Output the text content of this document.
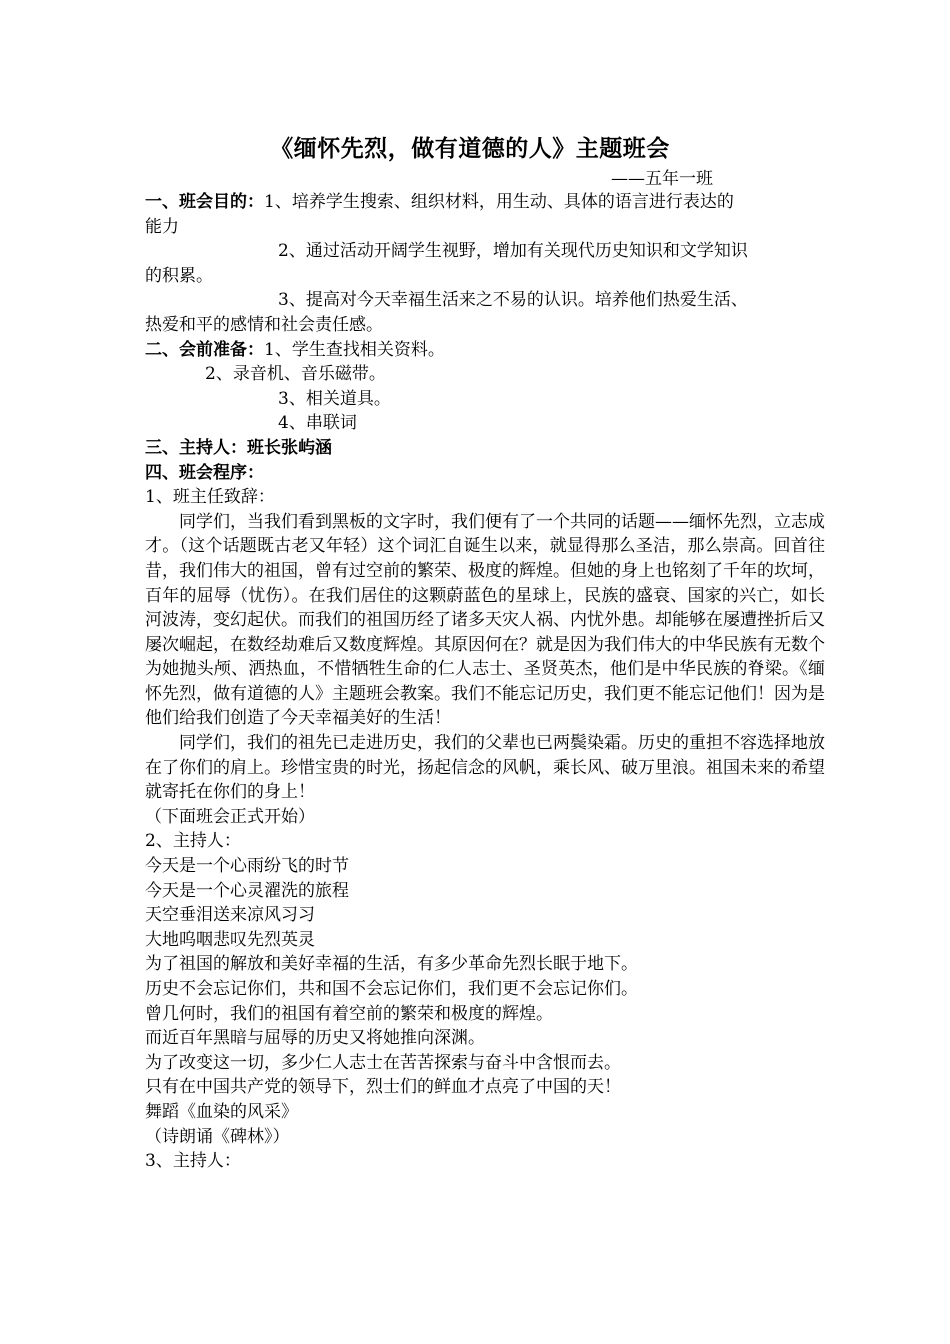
《缅怀先烈，做有道德的人》主题班会
——五年一班
一、班会目的：1、培养学生搜索、组织材料，用生动、具体的语言进行表达的
能力
2、通过活动开阔学生视野，增加有关现代历史知识和文学知识
的积累。
3、提高对今天幸福生活来之不易的认识。培养他们热爱生活、
热爱和平的感情和社会责任感。
二、会前准备：1、学生查找相关资料。
2、录音机、音乐磁带。
3、相关道具。
4、串联词
三、主持人：班长张屿涵
四、班会程序：
1、班主任致辞：
同学们，当我们看到黑板的文字时，我们便有了一个共同的话题——缅怀先烈，立志成才。（这个话题既古老又年轻）这个词汇自诞生以来，就显得那么圣洁，那么崇高。回首往昔，我们伟大的祖国，曾有过空前的繁荣、极度的辉煌。但她的身上也铭刻了千年的坎坷，百年的屈辱（忧伤）。在我们居住的这颗蔚蓝色的星球上，民族的盛衰、国家的兴亡，如长河波涛，变幻起伏。而我们的祖国历经了诸多天灾人祸、内忧外患。却能够在屡遭挫折后又屡次崛起，在数经劫难后又数度辉煌。其原因何在？就是因为我们伟大的中华民族有无数个为她抛头颅、洒热血，不惜牺牲生命的仁人志士、圣贤英杰，他们是中华民族的脊梁。《缅怀先烈，做有道德的人》主题班会教案。我们不能忘记历史，我们更不能忘记他们！因为是他们给我们创造了今天幸福美好的生活！
同学们，我们的祖先已走进历史，我们的父辈也已两鬓染霜。历史的重担不容选择地放在了你们的肩上。珍惜宝贵的时光，扬起信念的风帆，乘长风、破万里浪。祖国未来的希望就寄托在你们的身上！
（下面班会正式开始）
2、主持人：
今天是一个心雨纷飞的时节
今天是一个心灵濯洗的旅程
天空垂泪送来凉风习习
大地呜咽悲叹先烈英灵
为了祖国的解放和美好幸福的生活，有多少革命先烈长眠于地下。
历史不会忘记你们，共和国不会忘记你们，我们更不会忘记你们。
曾几何时，我们的祖国有着空前的繁荣和极度的辉煌。
而近百年黑暗与屈辱的历史又将她推向深渊。
为了改变这一切，多少仁人志士在苦苦探索与奋斗中含恨而去。
只有在中国共产党的领导下，烈士们的鲜血才点亮了中国的天！
舞蹈《血染的风采》
（诗朗诵《碑林》）
3、主持人：
